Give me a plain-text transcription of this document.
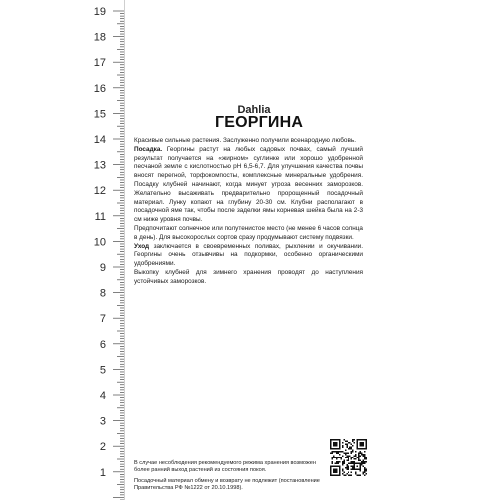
19
18
17
16
15
14
13
12
11
10
9
8
7
6
5
4
3
2
1
Dahlia
ГЕОРГИНА

Красивые сильные растения. Заслуженно получили всенародную любовь.

Посадка. Георгины растут на любых садовых почвах, самый лучший результат получается на «жирном» суглинке или хорошо удобренной песчаной земле с кислотностью pH 6,5-6,7. Для улучшения качества почвы вносят перегной, торфокомпосты, комплексные минеральные удобрения. Посадку клубней начинают, когда минует угроза весенних заморозков. Желательно высаживать предварительно пророщенный посадочный материал. Лунку копают на глубину 20-30 см. Клубни располагают в посадочной яме так, чтобы после заделки ямы корневая шейка была на 2-3 см ниже уровня почвы.

Предпочитают солнечное или полутенистое место (не менее 6 часов солнца в день). Для высокорослых сортов сразу продумывают систему подвязки.

Уход заключается в своевременных поливах, рыхлении и окучивании. Георгины очень отзывчивы на подкормки, особенно органическими удобрениями.

Выкопку клубней для зимнего хранения проводят до наступления устойчивых заморозков.

В случае несоблюдения рекомендуемого режима хранения возможен более ранний выход растений из состояния покоя.
Посадочный материал обмену и возврату не подлежит (постановление Правительства РФ №1222 от 20.10.1998).
